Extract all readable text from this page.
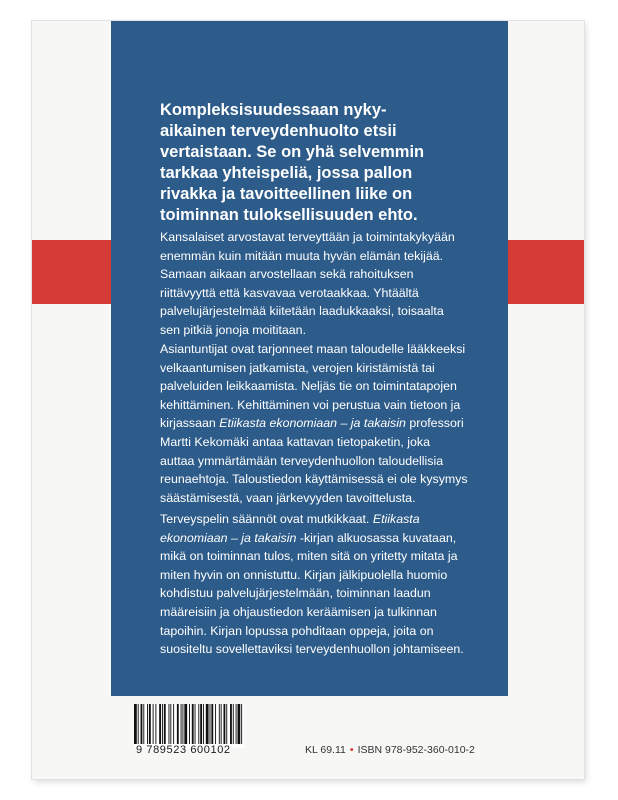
Kompleksisuudessaan nyky-
aikainen terveydenhuolto etsii
vertaistaan. Se on yhä selvemmin
tarkkaa yhteispeliä, jossa pallon
rivakka ja tavoitteellinen liike on
toiminnan tuloksellisuuden ehto.

Kansalaiset arvostavat terveyttään ja toimintakykyään
enemmän kuin mitään muuta hyvän elämän tekijää.
Samaan aikaan arvostellaan sekä rahoituksen
riittävyyttä että kasvavaa verotaakkaa. Yhtäältä
palvelujärjestelmää kiitetään laadukkaaksi, toisaalta
sen pitkiä jonoja moititaan.

Asiantuntijat ovat tarjonneet maan taloudelle lääkkeeksi
velkaantumisen jatkamista, verojen kiristämistä tai
palveluiden leikkaamista. Neljäs tie on toimintatapojen
kehittäminen. Kehittäminen voi perustua vain tietoon ja
kirjassaan Etiikasta ekonomiaan – ja takaisin professori
Martti Kekomäki antaa kattavan tietopaketin, joka
auttaa ymmärtämään terveydenhuollon taloudellisia
reunaehtoja. Taloustiedon käyttämisessä ei ole kysymys
säästämisestä, vaan järkevyyden tavoittelusta.

Terveyspelin säännöt ovat mutkikkaat. Etiikasta
ekonomiaan – ja takaisin -kirjan alkuosassa kuvataan,
mikä on toiminnan tulos, miten sitä on yritetty mitata ja
miten hyvin on onnistuttu. Kirjan jälkipuolella huomio
kohdistuu palvelujärjestelmään, toiminnan laadun
määreisiin ja ohjaustiedon keräämisen ja tulkinnan
tapoihin. Kirjan lopussa pohditaan oppeja, joita on
suositeltu sovellettaviksi terveydenhuollon johtamiseen.

9 789523 600102	KL 69.11 • ISBN 978-952-360-010-2
